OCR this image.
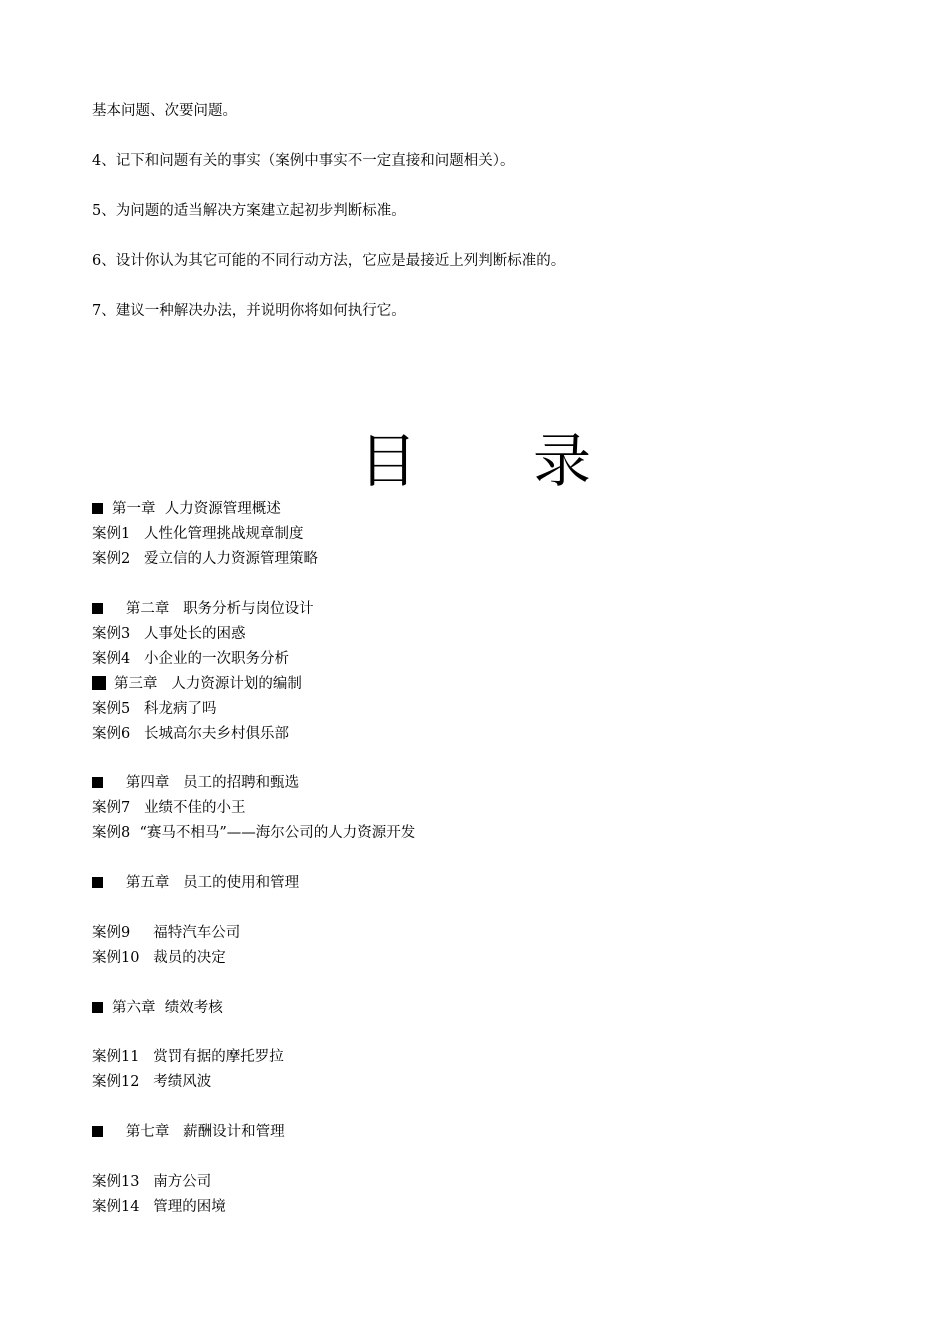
基本问题、次要问题。
4、记下和问题有关的事实（案例中事实不一定直接和问题相关）。
5、为问题的适当解决方案建立起初步判断标准。
6、设计你认为其它可能的不同行动方法，它应是最接近上列判断标准的。
7、建议一种解决办法，并说明你将如何执行它。
目　　录
第一章  人力资源管理概述
案例1   人性化管理挑战规章制度
案例2   爱立信的人力资源管理策略
第二章   职务分析与岗位设计
案例3   人事处长的困惑
案例4   小企业的一次职务分析
第三章   人力资源计划的编制
案例5   科龙病了吗
案例6   长城高尔夫乡村俱乐部
第四章   员工的招聘和甄选
案例7   业绩不佳的小王
案例8  “赛马不相马”——海尔公司的人力资源开发
第五章   员工的使用和管理
案例9     福特汽车公司
案例10   裁员的决定
第六章  绩效考核
案例11   赏罚有据的摩托罗拉
案例12   考绩风波
第七章   薪酬设计和管理
案例13   南方公司
案例14   管理的困境
